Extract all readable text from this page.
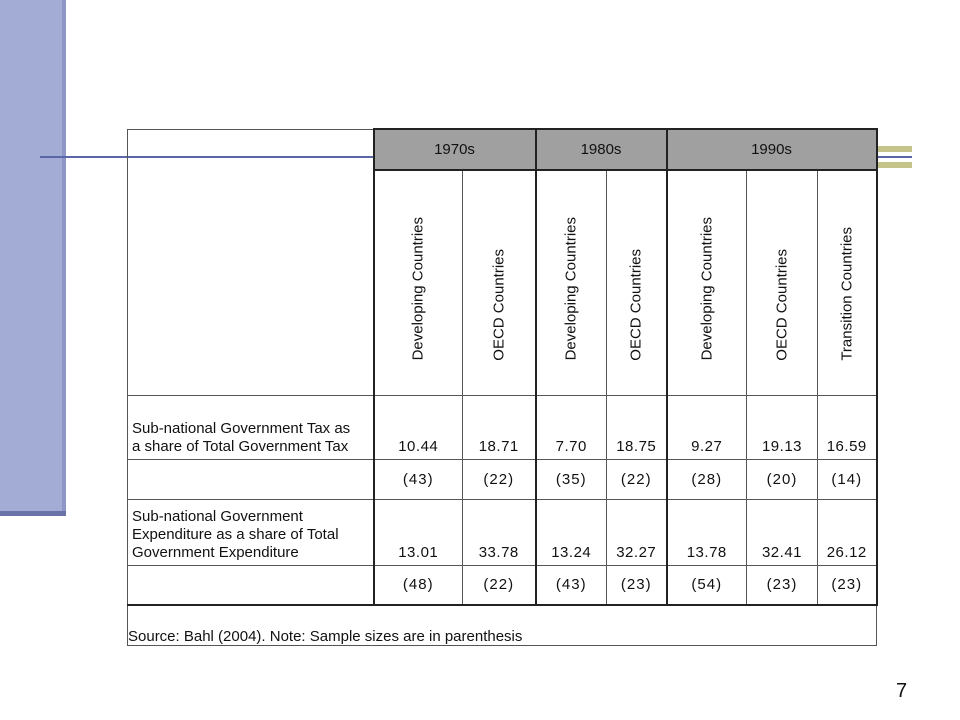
	1970s		1980s		1990s		

	Developing Countries	OECD Countries	Developing Countries	OECD Countries	Developing Countries	OECD Countries	Transition Countries

Sub-national Government Tax as
a share of Total Government Tax	10.44	18.71	7.70	18.75	9.27	19.13	16.59
	(43)	(22)	(35)	(22)	(28)	(20)	(14)

Sub-national Government
Expenditure as a share of Total
Government Expenditure	13.01	33.78	13.24	32.27	13.78	32.41	26.12
	(48)	(22)	(43)	(23)	(54)	(23)	(23)
Source: Bahl (2004). Note: Sample sizes are in parenthesis							
7
